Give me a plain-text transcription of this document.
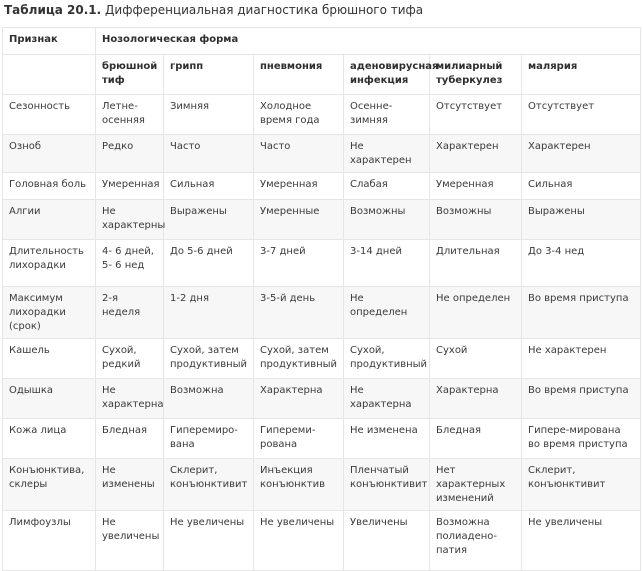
Таблица 20.1. Дифференциальная диагностика брюшного тифа
Признак	Нозологическая форма					
	брюшной тиф	грипп	пневмония	аденовирусная инфекция	милиарный туберкулез	малярия
Сезонность	Летне-осенняя	Зимняя	Холодное время года	Осенне-зимняя	Отсутствует	Отсутствует
Озноб	Редко	Часто	Часто	Не характерен	Характерен	Характерен
Головная боль	Умеренная	Сильная	Умеренная	Слабая	Умеренная	Сильная
Алгии	Не характерны	Выражены	Умеренные	Возможны	Возможны	Выражены
Длительность лихорадки	4- 6 дней, 5- 6 нед	До 5-6 дней	3-7 дней	3-14 дней	Длительная	До 3-4 нед
Максимум лихорадки (срок)	2-я неделя	1-2 дня	3-5-й день	Не определен	Не определен	Во время приступа
Кашель	Сухой, редкий	Сухой, затем продуктивный	Сухой, затем продуктивный	Сухой, продуктивный	Сухой	Не характерен
Одышка	Не характерна	Возможна	Характерна	Не характерна	Характерна	Во время приступа
Кожа лица	Бледная	Гиперемиро-вана	Гипереми-рована	Не изменена	Бледная	Гипере-мирована во время приступа
Конъюнктива, склеры	Не изменены	Склерит, конъюнктивит	Инъекция конъюнктив	Пленчатый конъюнктивит	Нет характерных изменений	Склерит, конъюнктивит
Лимфоузлы	Не увеличены	Не увеличены	Не увеличены	Увеличены	Возможна полиадено-патия	Не увеличены
